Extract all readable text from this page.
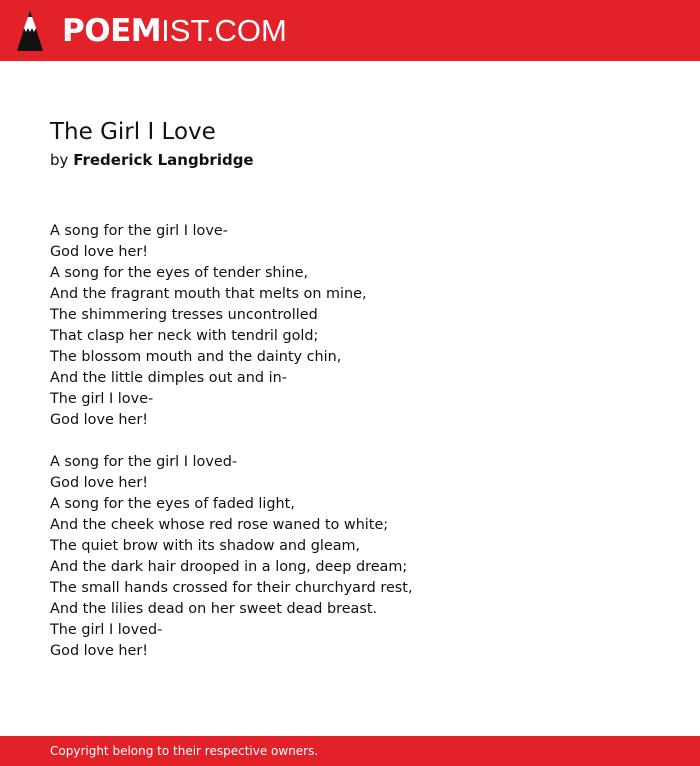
POEMIST.COM
The Girl I Love
by Frederick Langbridge
A song for the girl I love-
God love her!
A song for the eyes of tender shine,
And the fragrant mouth that melts on mine,
The shimmering tresses uncontrolled
That clasp her neck with tendril gold;
The blossom mouth and the dainty chin,
And the little dimples out and in-
The girl I love-
God love her!
A song for the girl I loved-
God love her!
A song for the eyes of faded light,
And the cheek whose red rose waned to white;
The quiet brow with its shadow and gleam,
And the dark hair drooped in a long, deep dream;
The small hands crossed for their churchyard rest,
And the lilies dead on her sweet dead breast.
The girl I loved-
God love her!
Copyright belong to their respective owners.
